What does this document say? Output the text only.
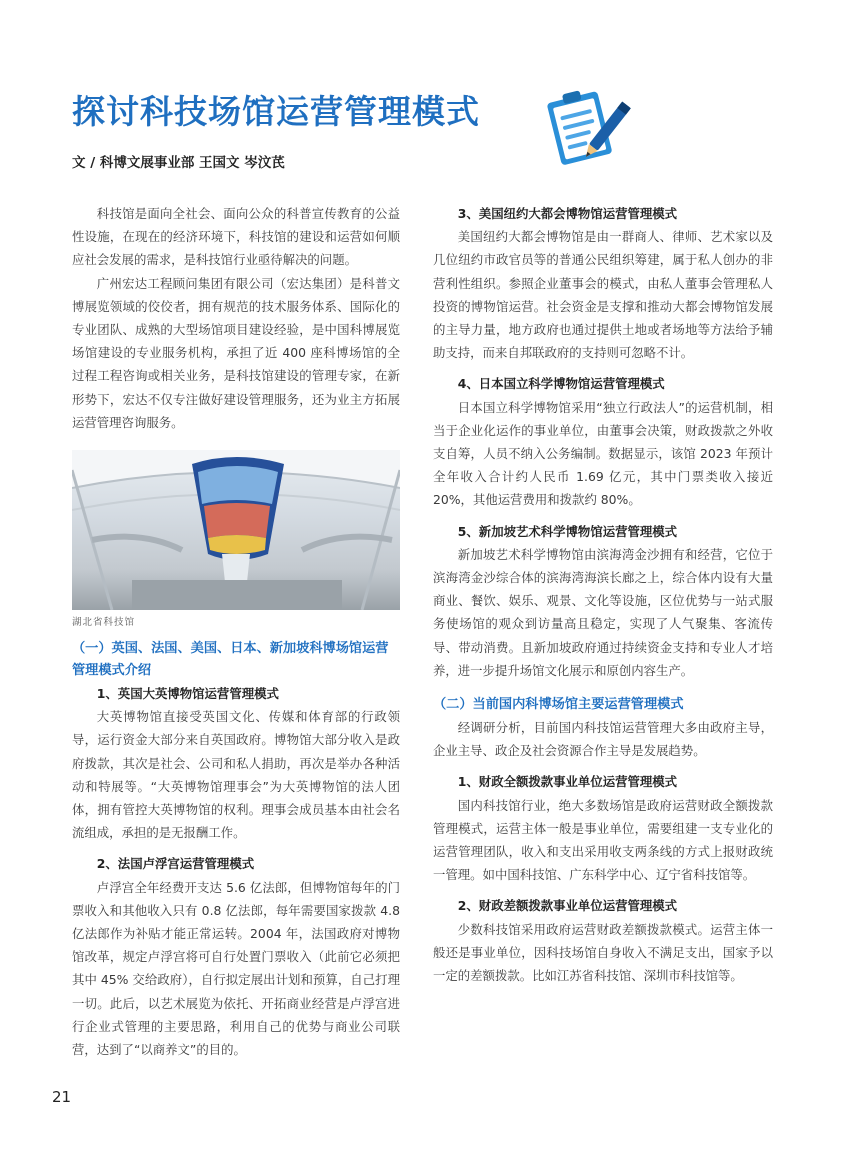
探讨科技场馆运营管理模式
文 / 科博文展事业部 王国文 岑汶芪

科技馆是面向全社会、面向公众的科普宣传教育的公益性设施，在现在的经济环境下，科技馆的建设和运营如何顺应社会发展的需求，是科技馆行业亟待解决的问题。

广州宏达工程顾问集团有限公司（宏达集团）是科普文博展览领域的佼佼者，拥有规范的技术服务体系、国际化的专业团队、成熟的大型场馆项目建设经验，是中国科博展览场馆建设的专业服务机构，承担了近 400 座科博场馆的全过程工程咨询或相关业务，是科技馆建设的管理专家，在新形势下，宏达不仅专注做好建设管理服务，还为业主方拓展运营管理咨询服务。

湖北省科技馆

（一）英国、法国、美国、日本、新加坡科博场馆运营管理模式介绍

1、英国大英博物馆运营管理模式

大英博物馆直接受英国文化、传媒和体育部的行政领导，运行资金大部分来自英国政府。博物馆大部分收入是政府拨款，其次是社会、公司和私人捐助，再次是举办各种活动和特展等。“大英博物馆理事会”为大英博物馆的法人团体，拥有管控大英博物馆的权利。理事会成员基本由社会名流组成，承担的是无报酬工作。

2、法国卢浮宫运营管理模式

卢浮宫全年经费开支达 5.6 亿法郎，但博物馆每年的门票收入和其他收入只有 0.8 亿法郎，每年需要国家拨款 4.8 亿法郎作为补贴才能正常运转。2004 年，法国政府对博物馆改革，规定卢浮宫将可自行处置门票收入（此前它必须把其中 45% 交给政府），自行拟定展出计划和预算，自己打理一切。此后，以艺术展览为依托、开拓商业经营是卢浮宫进行企业式管理的主要思路，利用自己的优势与商业公司联营，达到了“以商养文”的目的。

3、美国纽约大都会博物馆运营管理模式

美国纽约大都会博物馆是由一群商人、律师、艺术家以及几位纽约市政官员等的普通公民组织筹建，属于私人创办的非营利性组织。参照企业董事会的模式，由私人董事会管理私人投资的博物馆运营。社会资金是支撑和推动大都会博物馆发展的主导力量，地方政府也通过提供土地或者场地等方法给予辅助支持，而来自邦联政府的支持则可忽略不计。

4、日本国立科学博物馆运营管理模式

日本国立科学博物馆采用“独立行政法人”的运营机制，相当于企业化运作的事业单位，由董事会决策，财政拨款之外收支自筹，人员不纳入公务编制。数据显示，该馆 2023 年预计全年收入合计约人民币 1.69 亿元，其中门票类收入接近 20%，其他运营费用和拨款约 80%。

5、新加坡艺术科学博物馆运营管理模式

新加坡艺术科学博物馆由滨海湾金沙拥有和经营，它位于滨海湾金沙综合体的滨海湾海滨长廊之上，综合体内设有大量商业、餐饮、娱乐、观景、文化等设施，区位优势与一站式服务使场馆的观众到访量高且稳定，实现了人气聚集、客流传导、带动消费。且新加坡政府通过持续资金支持和专业人才培养，进一步提升场馆文化展示和原创内容生产。

（二）当前国内科博场馆主要运营管理模式

经调研分析，目前国内科技馆运营管理大多由政府主导，企业主导、政企及社会资源合作主导是发展趋势。

1、财政全额拨款事业单位运营管理模式

国内科技馆行业，绝大多数场馆是政府运营财政全额拨款管理模式，运营主体一般是事业单位，需要组建一支专业化的运营管理团队，收入和支出采用收支两条线的方式上报财政统一管理。如中国科技馆、广东科学中心、辽宁省科技馆等。

2、财政差额拨款事业单位运营管理模式

少数科技馆采用政府运营财政差额拨款模式。运营主体一般还是事业单位，因科技场馆自身收入不满足支出，国家予以一定的差额拨款。比如江苏省科技馆、深圳市科技馆等。

21
